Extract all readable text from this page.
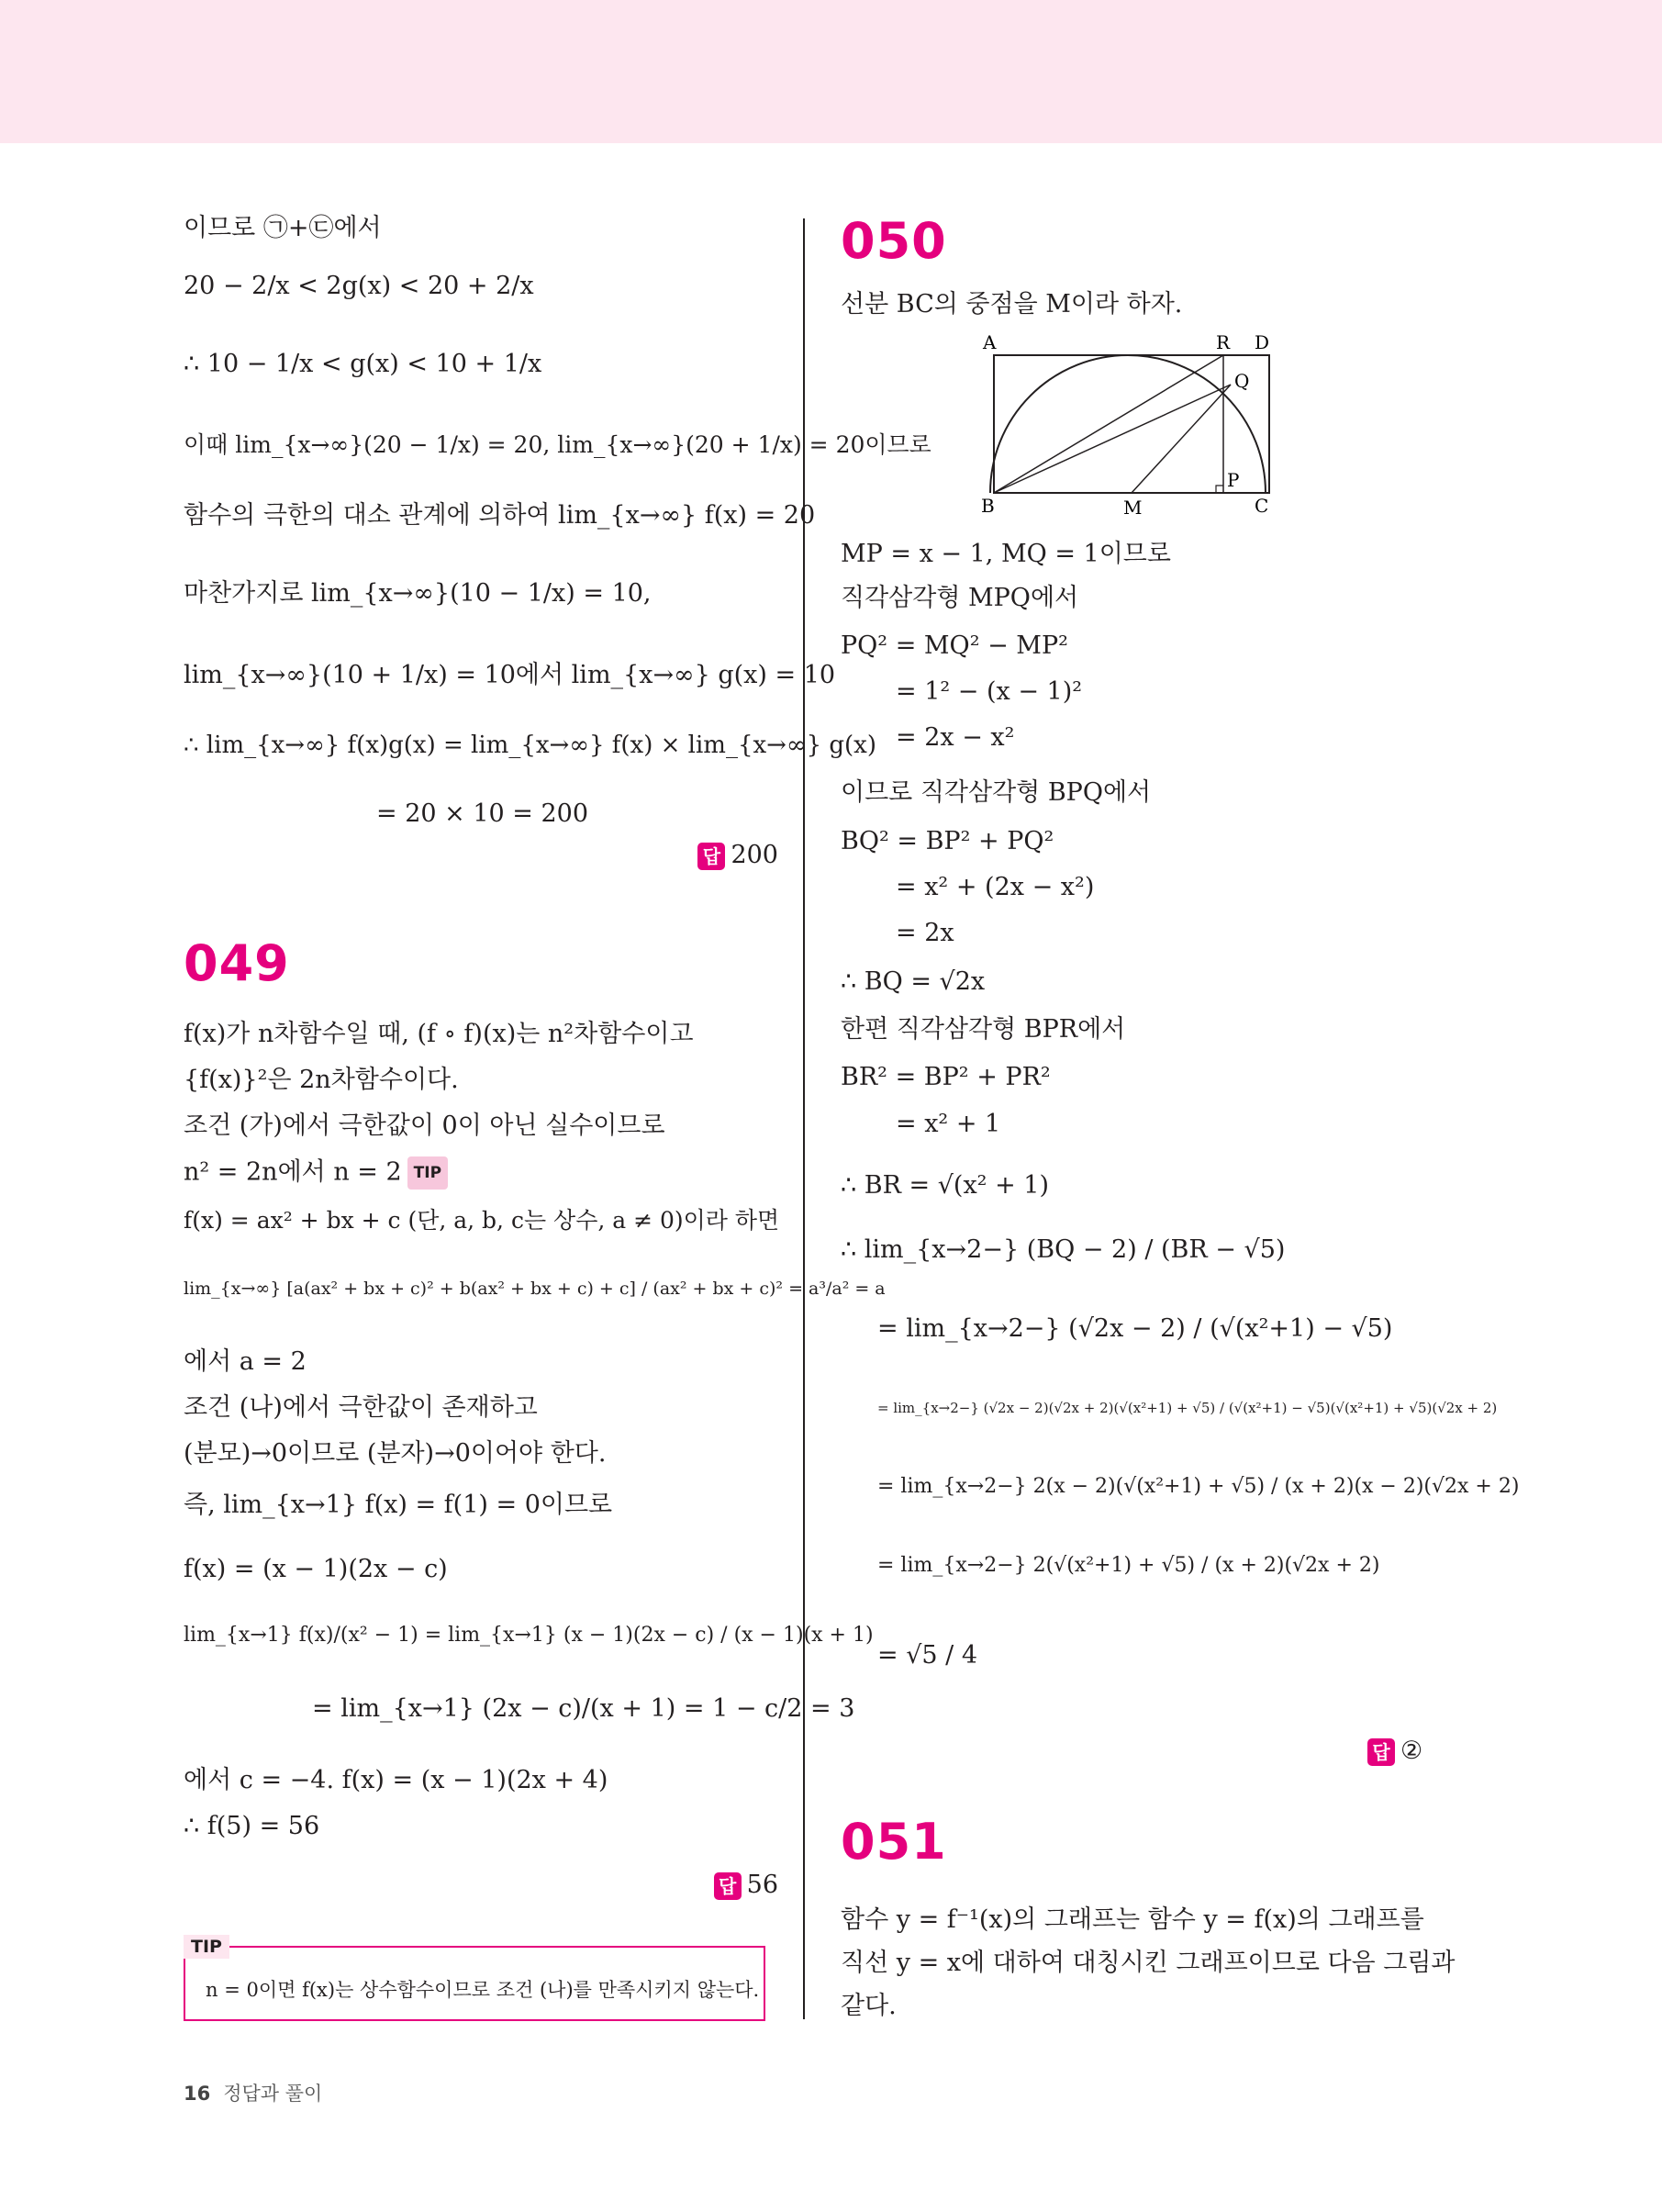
이므로 ㉠+㉢에서
20 − 2/x < 2g(x) < 20 + 2/x
∴ 10 − 1/x < g(x) < 10 + 1/x
이때 lim_{x→∞}(20 − 1/x) = 20, lim_{x→∞}(20 + 1/x) = 20이므로
함수의 극한의 대소 관계에 의하여 lim_{x→∞} f(x) = 20
마찬가지로 lim_{x→∞}(10 − 1/x) = 10,
lim_{x→∞}(10 + 1/x) = 10에서 lim_{x→∞} g(x) = 10
∴ lim_{x→∞} f(x)g(x) = lim_{x→∞} f(x) × lim_{x→∞} g(x)
= 20 × 10 = 200
답 200
049
f(x)가 n차함수일 때, (f ∘ f)(x)는 n²차함수이고
{f(x)}²은 2n차함수이다.
조건 (가)에서 극한값이 0이 아닌 실수이므로
n² = 2n에서 n = 2 TIP
f(x) = ax² + bx + c (단, a, b, c는 상수, a ≠ 0)이라 하면
lim_{x→∞} [a(ax² + bx + c)² + b(ax² + bx + c) + c] / (ax² + bx + c)² = a³/a² = a
에서 a = 2
조건 (나)에서 극한값이 존재하고
(분모)→0이므로 (분자)→0이어야 한다.
즉, lim_{x→1} f(x) = f(1) = 0이므로
f(x) = (x − 1)(2x − c)
lim_{x→1} f(x)/(x² − 1) = lim_{x→1} (x − 1)(2x − c) / (x − 1)(x + 1)
= lim_{x→1} (2x − c)/(x + 1) = 1 − c/2 = 3
에서 c = −4. f(x) = (x − 1)(2x + 4)
∴ f(5) = 56
답 56
TIP
n = 0이면 f(x)는 상수함수이므로 조건 (나)를 만족시키지 않는다.
050
선분 BC의 중점을 M이라 하자.
A
B	C
D
M
P
Q
R
MP = x − 1, MQ = 1이므로
직각삼각형 MPQ에서
PQ² = MQ² − MP²
= 1² − (x − 1)²
= 2x − x²
이므로 직각삼각형 BPQ에서
BQ² = BP² + PQ²
= x² + (2x − x²)
= 2x
∴ BQ = √2x
한편 직각삼각형 BPR에서
BR² = BP² + PR²
= x² + 1
∴ BR = √(x² + 1)
∴ lim_{x→2−} (BQ − 2) / (BR − √5)
= lim_{x→2−} (√2x − 2) / (√(x²+1) − √5)
= lim_{x→2−} (√2x − 2)(√2x + 2)(√(x²+1) + √5) / (√(x²+1) − √5)(√(x²+1) + √5)(√2x + 2)
= lim_{x→2−} 2(x − 2)(√(x²+1) + √5) / (x + 2)(x − 2)(√2x + 2)
= lim_{x→2−} 2(√(x²+1) + √5) / (x + 2)(√2x + 2)
= √5 / 4
답 ②
051
함수 y = f⁻¹(x)의 그래프는 함수 y = f(x)의 그래프를
직선 y = x에 대하여 대칭시킨 그래프이므로 다음 그림과
같다.
16 정답과 풀이
